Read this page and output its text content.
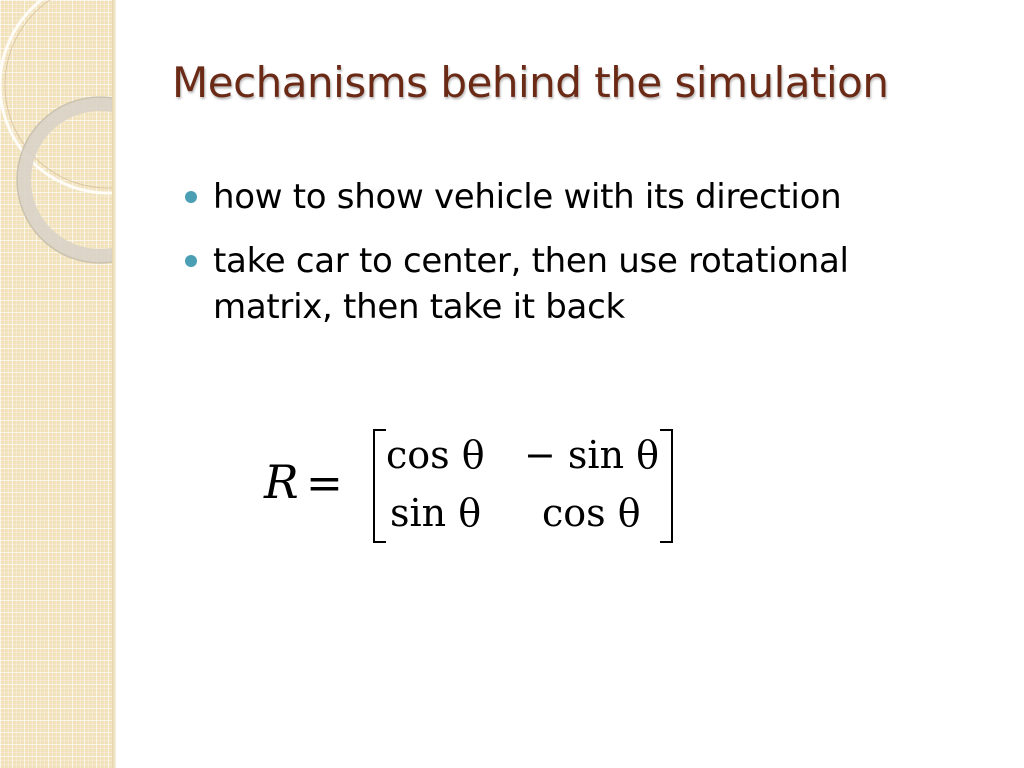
Mechanisms behind the simulation
how to show vehicle with its direction
take car to center, then use rotational matrix, then take it back
R =
cos θ − sin θ
sin θ cos θ
